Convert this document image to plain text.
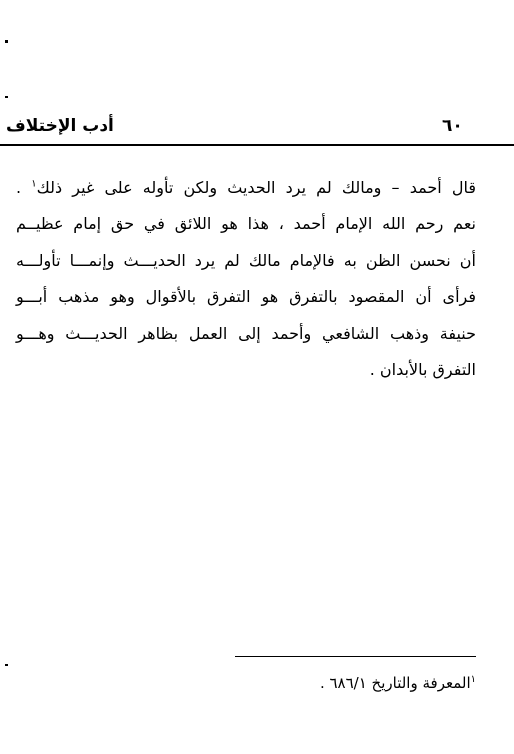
٦٠
أدب الإختلاف
قال أحمد – ومالك لم يرد الحديث ولكن تأوله على غير ذلك$^١$ .
نعم رحم الله الإمام أحمد ، هذا هو اللائق في حق إمام عظيــم
أن نحسن الظن به فالإمام مالك لم يرد الحديـــث وإنمـــا تأولـــه
فرأى أن المقصود بالتفرق هو التفرق بالأقوال وهو مذهب أبـــو
حنيفة وذهب الشافعي وأحمد إلى العمل بظاهر الحديـــث وهـــو
التفرق بالأبدان .
$^١$المعرفة والتاريخ ٦٨٦/١ .
